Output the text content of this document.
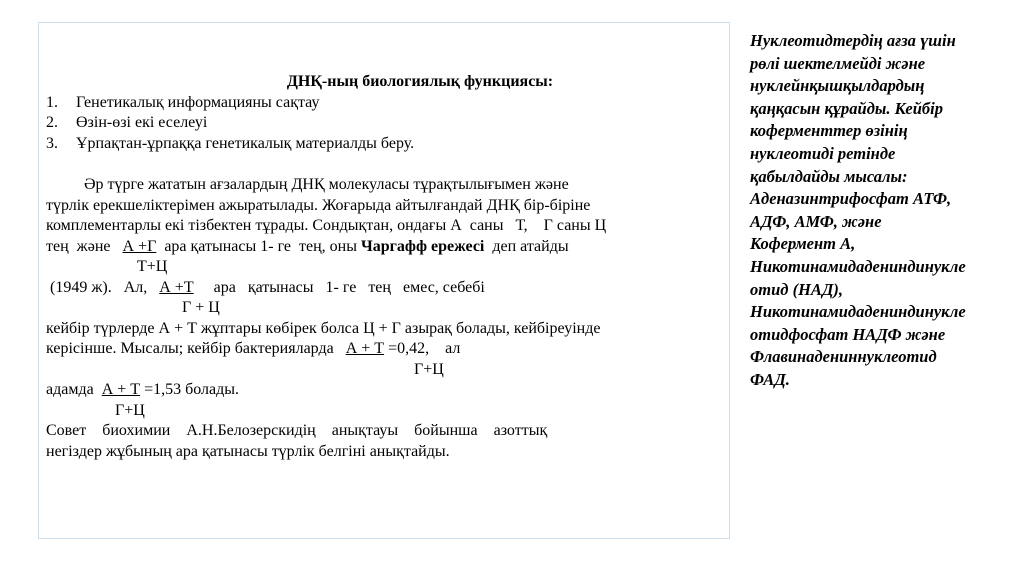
ДНҚ-ның биологиялық функциясы:
1.	Генетикалық информацияны сақтау
2.	Өзін-өзі екі еселеуі
3.	Ұрпақтан-ұрпаққа генетикалық материалды беру.
Әр түрге жататын ағзалардың ДНҚ молекуласы тұрақтылығымен және
түрлік ерекшеліктерімен ажыратылады. Жоғарыда айтылғандай ДНҚ бір-біріне
комплементарлы екі тізбектен тұрады. Сондықтан, ондағы А  саны   Т,    Г саны Ц
тең  және А +Г ара қатынасы 1- ге  тең, оны Чаргафф ережесі деп атайды
Т+Ц
(1949 ж).   Ал, А +Т ара   қатынасы   1- ге   тең   емес, себебі
Г + Ц
кейбір түрлерде А + Т жұптары көбірек болса Ц + Г азырақ болады, кейбіреуінде
керісінше. Мысалы; кейбір бактерияларда А + Т =0,42,    ал
Г+Ц
адамда А + Т =1,53 болады.
Г+Ц
Совет    биохимии    А.Н.Белозерскидің    анықтауы    бойынша    азоттық
негіздер жұбының ара қатынасы түрлік белгіні анықтайды.
Нуклеотидтердің ағза үшін
рөлі шектелмейді және
нуклейнқышқылдардың
қаңқасын құрайды. Кейбір
коферменттер өзінің
нуклеотиді ретінде
қабылдайды мысалы:
Аденазинтрифосфат АТФ,
АДФ, АМФ, және
Кофермент А,
Никотинамидадениндинукле
отид (НАД),
Никотинамидадениндинукле
отидфосфат НАДФ және
Флавинадениннуклеотид
ФАД.
